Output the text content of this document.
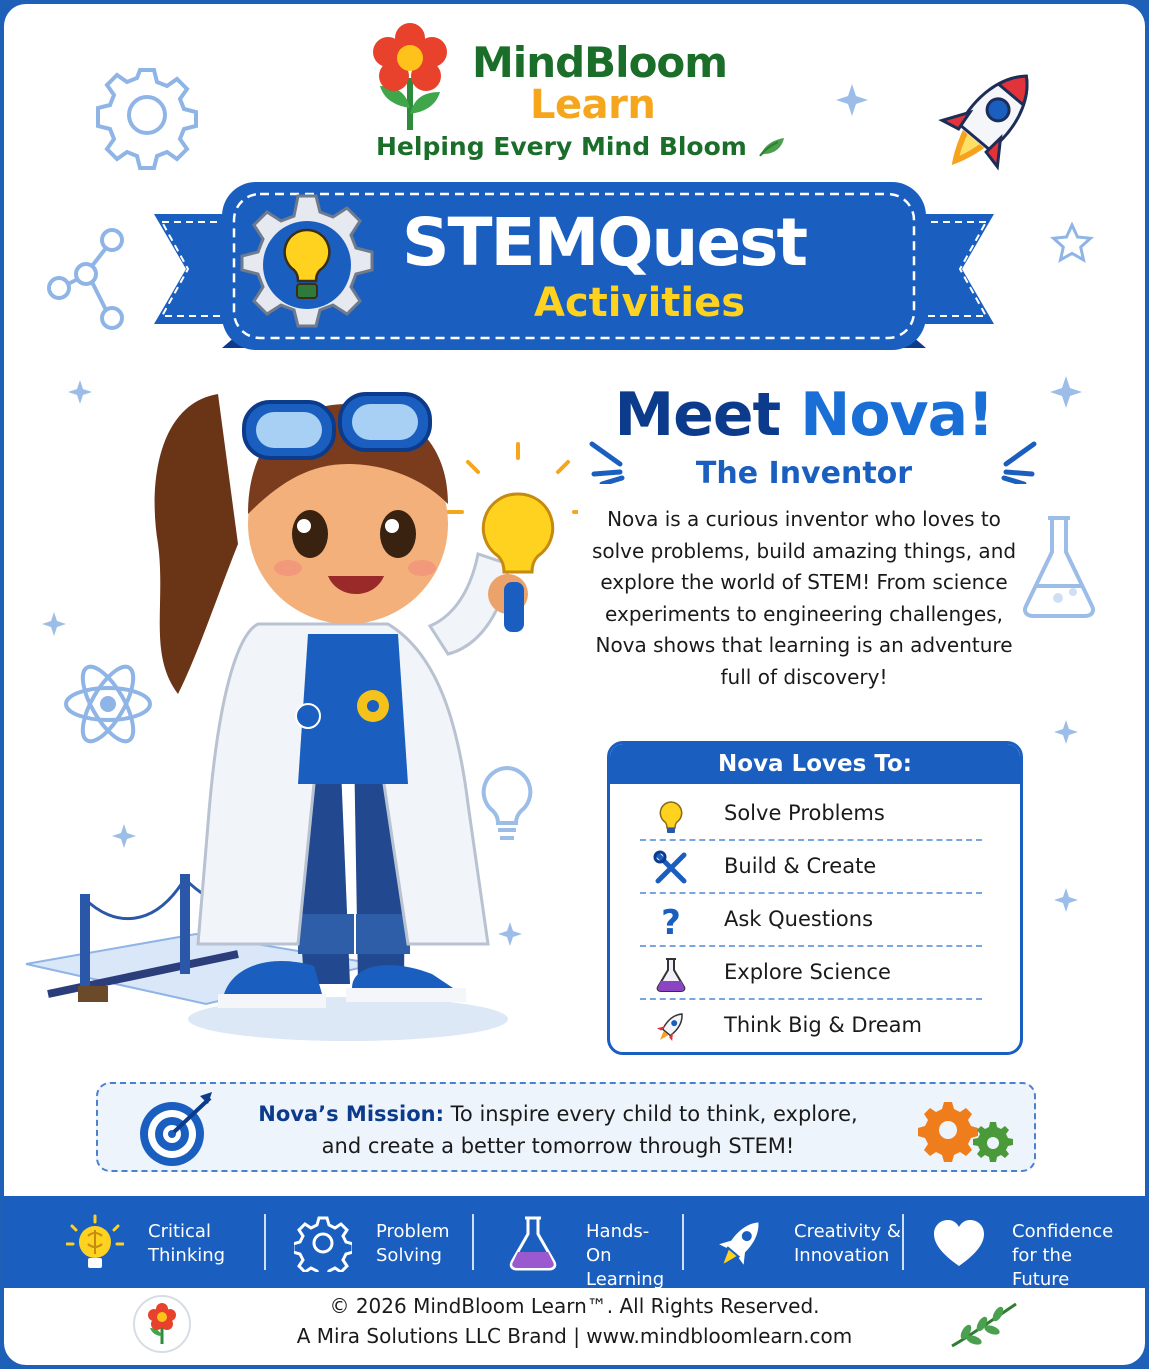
MindBloom
Learn
Helping Every Mind Bloom
STEMQuest
Activities
Meet Nova!
The Inventor
Nova is a curious inventor who loves to solve problems, build amazing things, and explore the world of STEM! From science experiments to engineering challenges, Nova shows that learning is an adventure full of discovery!
Nova Loves To:
Solve Problems
Build & Create
? Ask Questions
Explore Science
Think Big & Dream
Nova’s Mission: To inspire every child to think, explore, and create a better tomorrow through STEM!
Critical
Thinking
Problem
Solving
Hands-On
Learning
Creativity &
Innovation
Confidence
for the Future
© 2026 MindBloom Learn™. All Rights Reserved.
A Mira Solutions LLC Brand | www.mindbloomlearn.com
